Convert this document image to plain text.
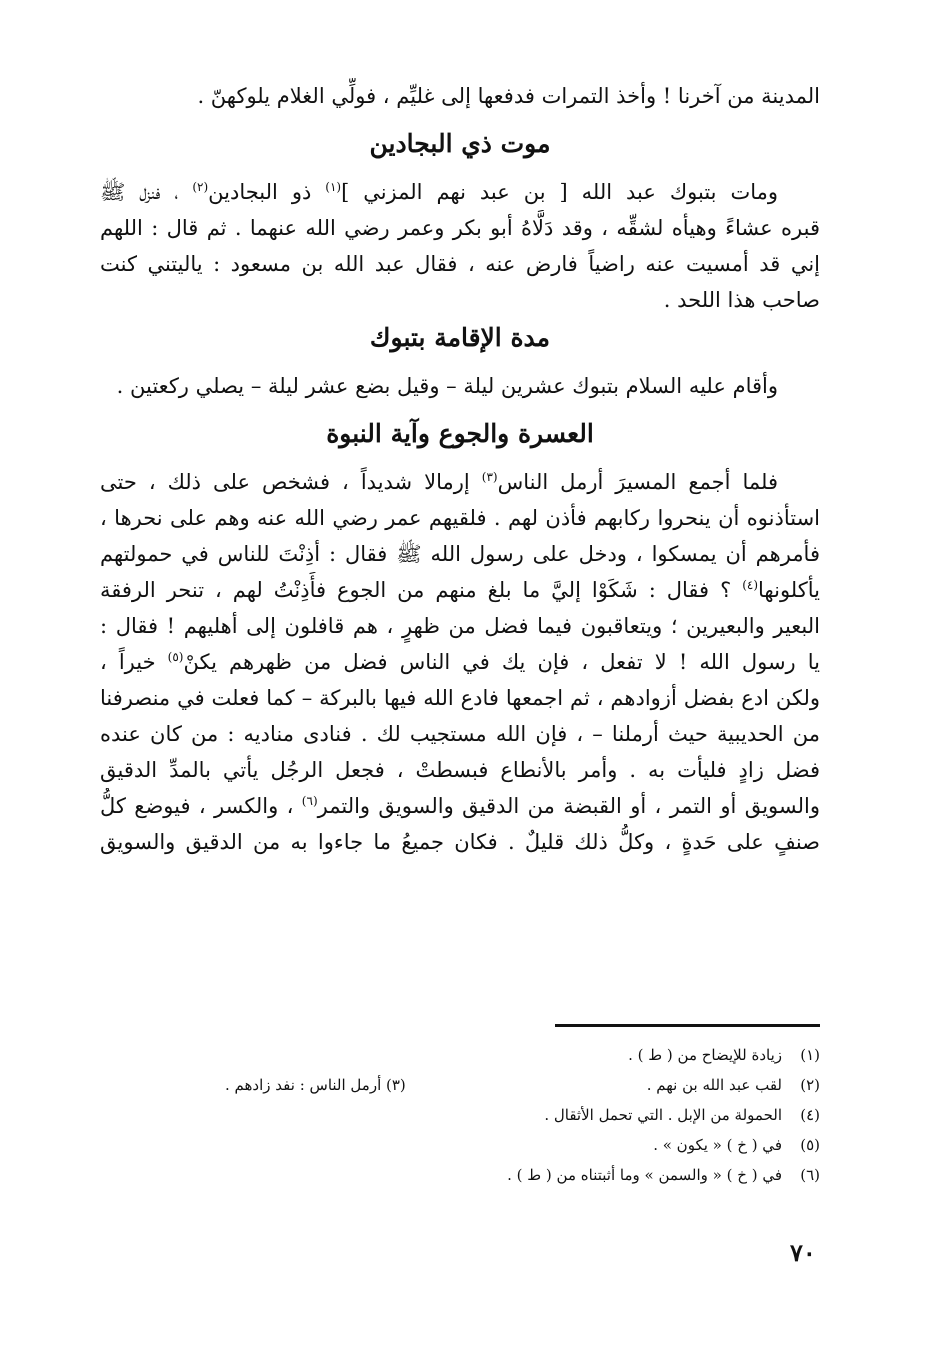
المدينة من آخرنا ! وأخذ التمرات فدفعها إلى غليِّم ، فولِّي الغلام يلوكهنّ .
موت ذي البجادين
  ومات بتبوك عبد الله [ بن عبد نهم المزني ]$^{(١)}$ ذو البجادين$^{(٢)}$ ، فنزل ﷺ
قبره عشاءً وهيأه لشقِّه ، وقد دَلَّاهُ أبو بكر وعمر رضي الله عنهما . ثم قال : اللهم
إني قد أمسيت عنه راضياً فارض عنه ، فقال عبد الله بن مسعود : ياليتني كنت
صاحب هذا اللحد .
مدة الإقامة بتبوك
  وأقام عليه السلام بتبوك عشرين ليلة – وقيل بضع عشر ليلة – يصلي ركعتين .
العسرة والجوع وآية النبوة
  فلما أجمع المسيرَ أرمل الناس$^{(٣)}$ إرمالا شديداً ، فشخص على ذلك ، حتى
استأذنوه أن ينحروا ركابهم فأذن لهم . فلقيهم عمر رضي الله عنه وهم على نحرها ،
فأمرهم أن يمسكوا ، ودخل على رسول الله ﷺ فقال : أذِنْتَ للناس في حمولتهم
يأكلونها$^{(٤)}$ ؟ فقال : شَكَوْا إليَّ ما بلغ منهم من الجوع فأَذِنْتُ لهم ، تنحر الرفقة
البعير والبعيرين ؛ ويتعاقبون فيما فضل من ظهرٍ ، هم قافلون إلى أهليهم ! فقال :
يا رسول الله ! لا تفعل ، فإن يك في الناس فضل من ظهرهم يكنْ$^{(٥)}$ خيراً ،
ولكن ادع بفضل أزوادهم ، ثم اجمعها فادع الله فيها بالبركة – كما فعلت في منصرفنا
من الحديبية حيث أرملنا – ، فإن الله مستجيب لك . فنادى مناديه : من كان عنده
فضل زادٍ فليأت به . وأمر بالأنطاع فبسطتْ ، فجعل الرجُل يأتي بالمدِّ الدقيق
والسويق أو التمر ، أو القبضة من الدقيق والسويق والتمر$^{(٦)}$ ، والكسر ، فيوضع كلُّ
صنفٍ على حَدةٍ ، وكلُّ ذلك قليلٌ . فكان جميعُ ما جاءوا به من الدقيق والسويق
(١)زيادة للإيضاح من ( ط ) .
(٢)لقب عبد الله بن نهم .
(٣) أرمل الناس : نفد زادهم .
(٤)الحمولة من الإبل . التي تحمل الأثقال .
(٥)في ( خ ) « يكون » .
(٦)في ( خ ) « والسمن » وما أثبتناه من ( ط ) .
٧٠
